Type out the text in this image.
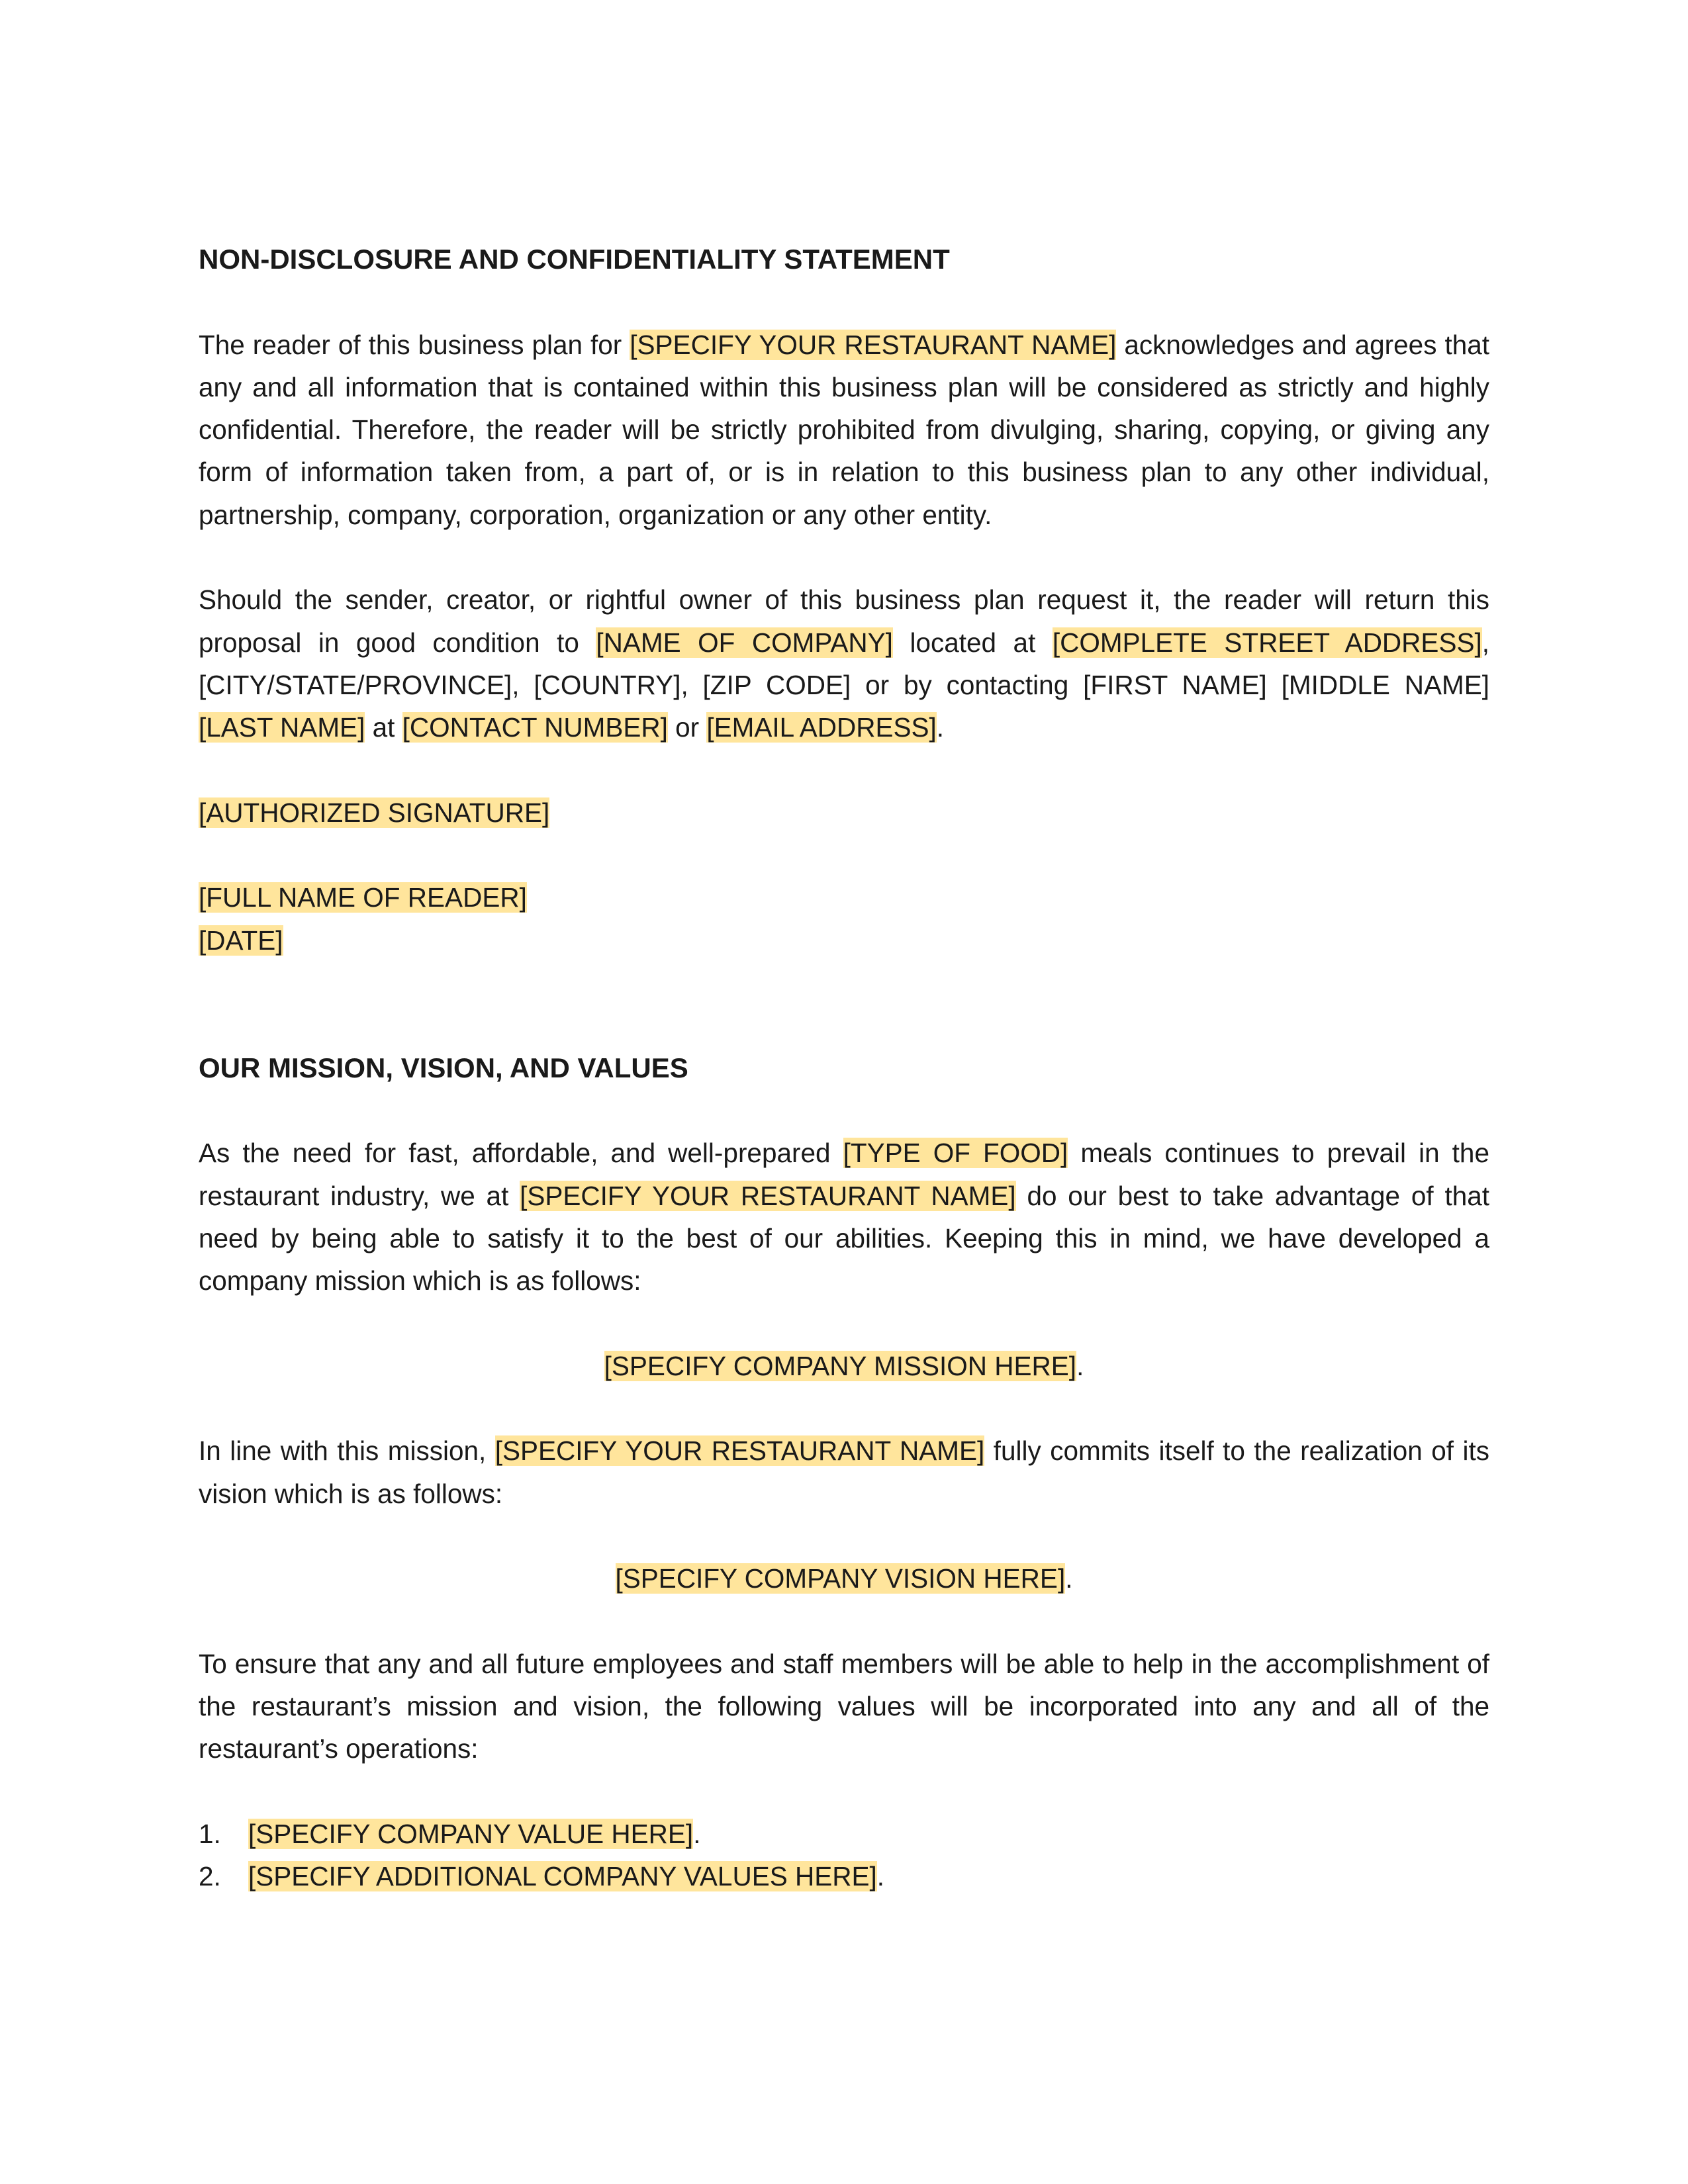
NON-DISCLOSURE AND CONFIDENTIALITY STATEMENT

The reader of this business plan for [SPECIFY YOUR RESTAURANT NAME] acknowledges and agrees that any and all information that is contained within this business plan will be considered as strictly and highly confidential. Therefore, the reader will be strictly prohibited from divulging, sharing, copying, or giving any form of information taken from, a part of, or is in relation to this business plan to any other individual, partnership, company, corporation, organization or any other entity.

Should the sender, creator, or rightful owner of this business plan request it, the reader will return this proposal in good condition to [NAME OF COMPANY] located at [COMPLETE STREET ADDRESS], [CITY/STATE/PROVINCE], [COUNTRY], [ZIP CODE] or by contacting [FIRST NAME] [MIDDLE NAME] [LAST NAME] at [CONTACT NUMBER] or [EMAIL ADDRESS].

[AUTHORIZED SIGNATURE]

[FULL NAME OF READER]

[DATE]

OUR MISSION, VISION, AND VALUES

As the need for fast, affordable, and well-prepared [TYPE OF FOOD] meals continues to prevail in the restaurant industry, we at [SPECIFY YOUR RESTAURANT NAME] do our best to take advantage of that need by being able to satisfy it to the best of our abilities. Keeping this in mind, we have developed a company mission which is as follows:

[SPECIFY COMPANY MISSION HERE].

In line with this mission, [SPECIFY YOUR RESTAURANT NAME] fully commits itself to the realization of its vision which is as follows:

[SPECIFY COMPANY VISION HERE].

To ensure that any and all future employees and staff members will be able to help in the accomplishment of the restaurant’s mission and vision, the following values will be incorporated into any and all of the restaurant’s operations:

1.	[SPECIFY COMPANY VALUE HERE].
2.	[SPECIFY ADDITIONAL COMPANY VALUES HERE].
